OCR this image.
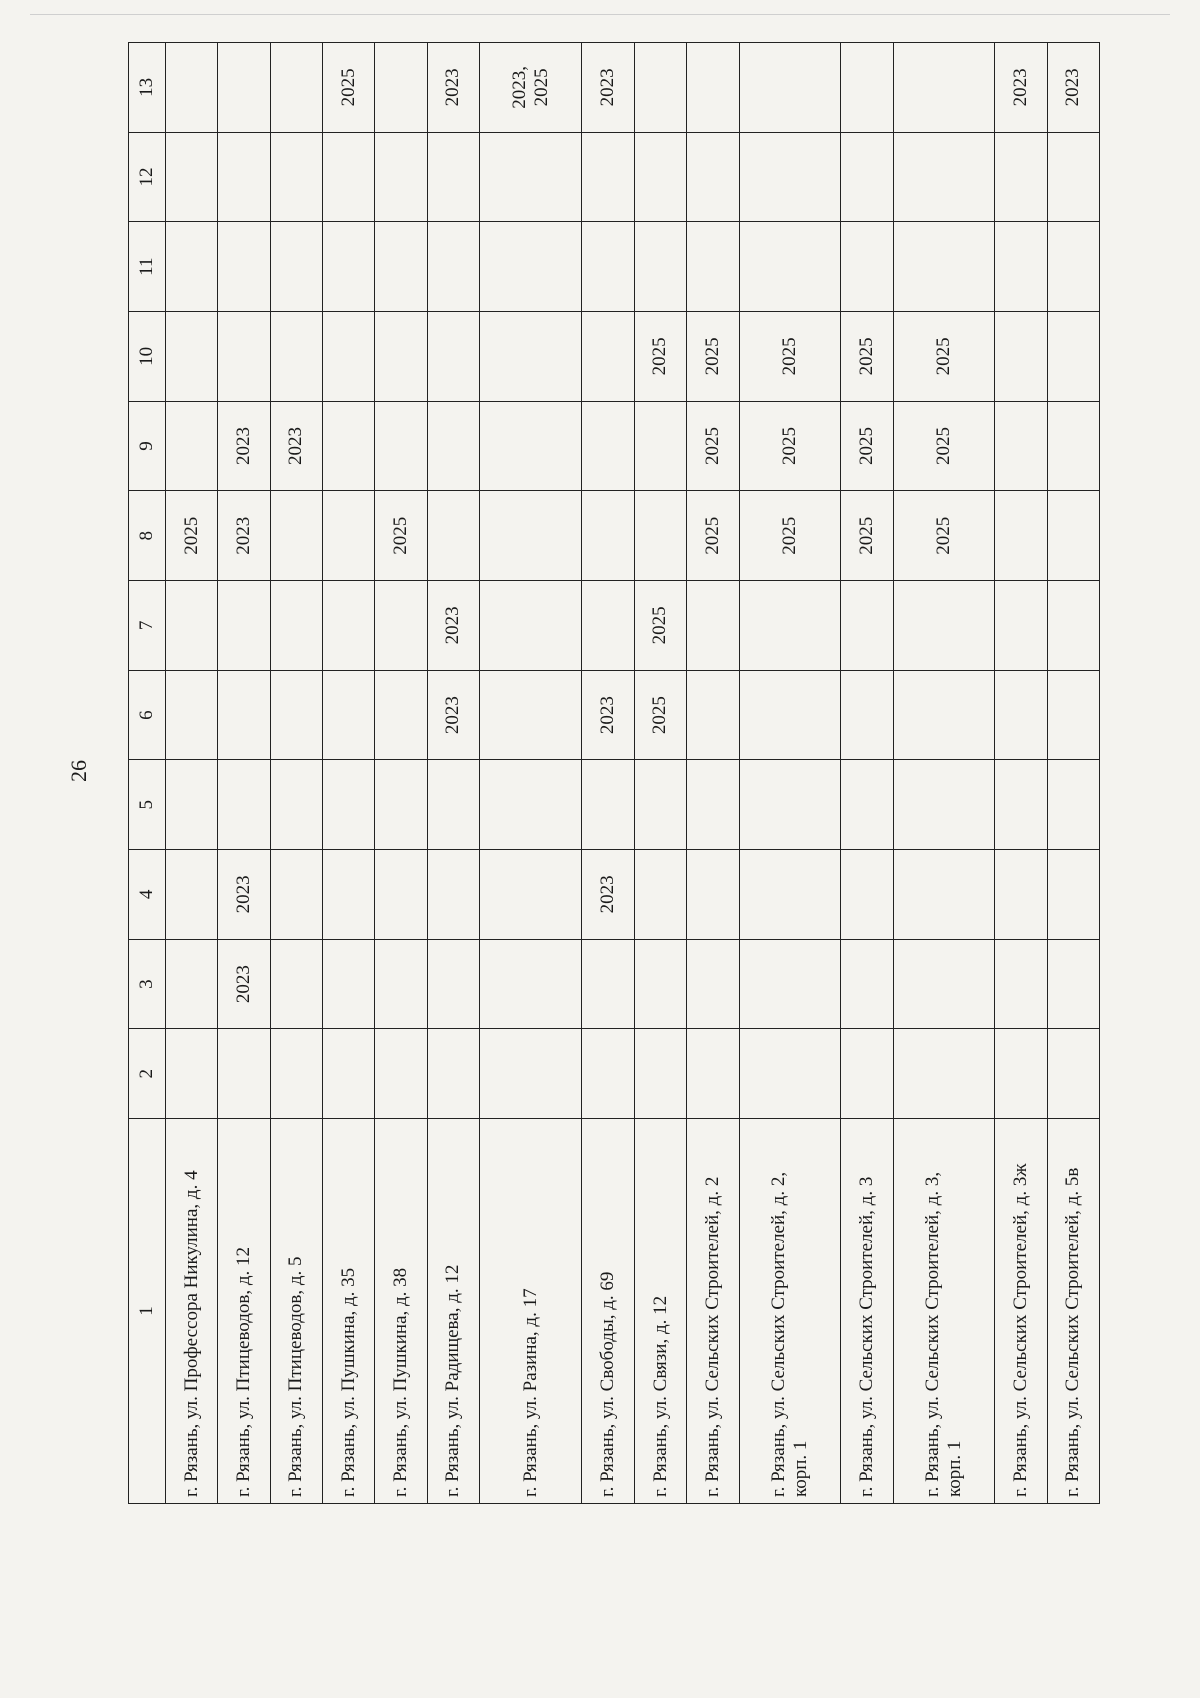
26
1	2	3	4	5	6	7	8	9	10	11	12	13
г. Рязань, ул. Профессора Никулина, д. 4							2025					
г. Рязань, ул. Птицеводов, д. 12		2023	2023				2023	2023				
г. Рязань, ул. Птицеводов, д. 5								2023				
г. Рязань, ул. Пушкина, д. 35												2025
г. Рязань, ул. Пушкина, д. 38							2025					
г. Рязань, ул. Радищева, д. 12					2023	2023						2023
г. Рязань, ул. Разина, д. 17												2023, 2025
г. Рязань, ул. Свободы, д. 69			2023		2023							2023
г. Рязань, ул. Связи, д. 12					2025	2025			2025			
г. Рязань, ул. Сельских Строителей, д. 2							2025	2025	2025			
г. Рязань, ул. Сельских Строителей, д. 2, корп. 1							2025	2025	2025			
г. Рязань, ул. Сельских Строителей, д. 3							2025	2025	2025			
г. Рязань, ул. Сельских Строителей, д. 3, корп. 1							2025	2025	2025			
г. Рязань, ул. Сельских Строителей, д. 3ж												2023
г. Рязань, ул. Сельских Строителей, д. 5в												2023
